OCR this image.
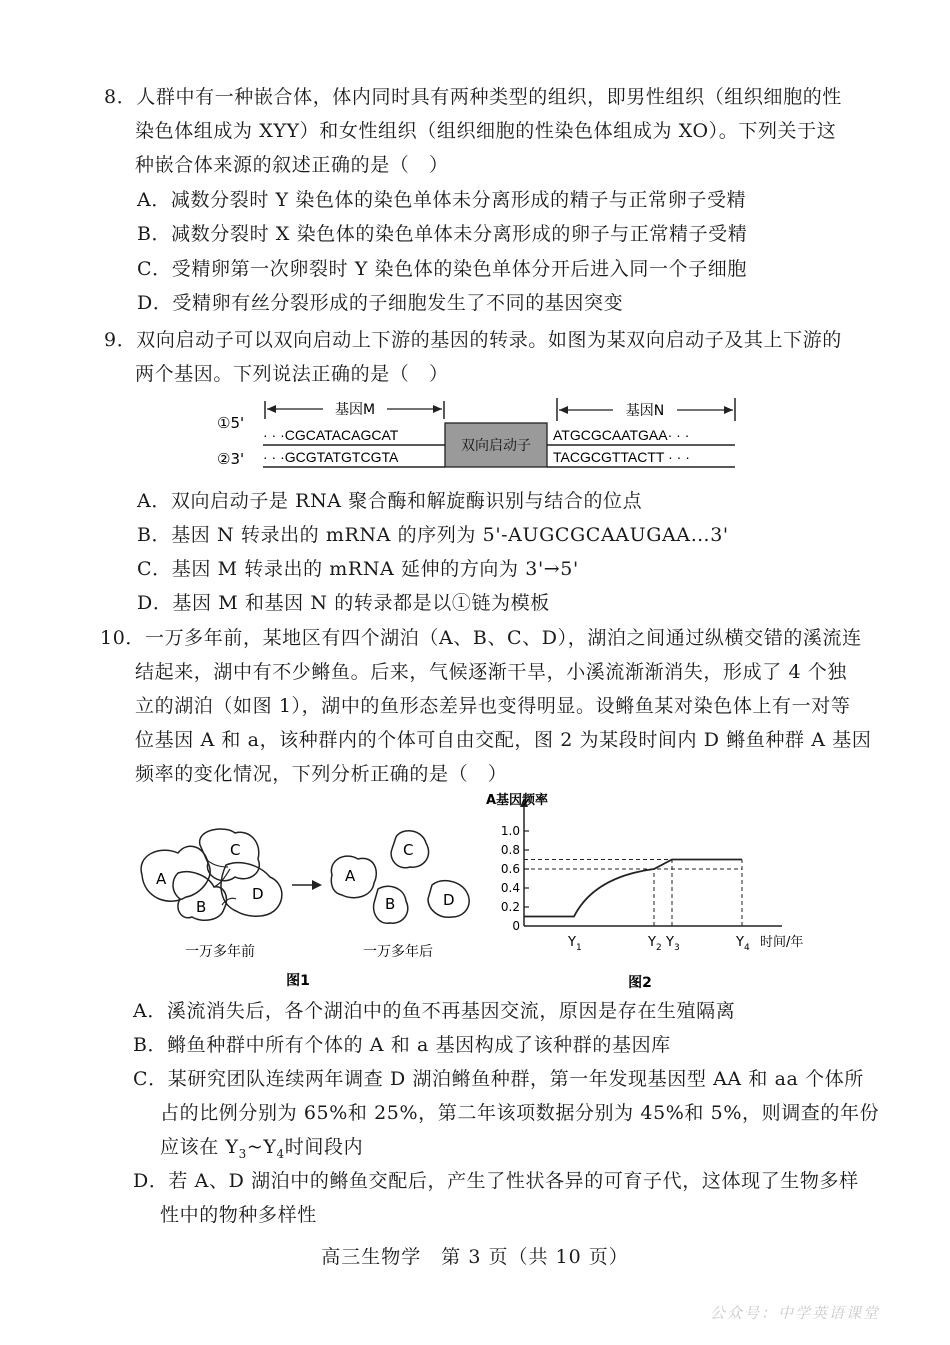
8．人群中有一种嵌合体，体内同时具有两种类型的组织，即男性组织（组织细胞的性
染色体组成为 XYY）和女性组织（组织细胞的性染色体组成为 XO）。下列关于这
种嵌合体来源的叙述正确的是（　）
A．减数分裂时 Y 染色体的染色单体未分离形成的精子与正常卵子受精
B．减数分裂时 X 染色体的染色单体未分离形成的卵子与正常精子受精
C．受精卵第一次卵裂时 Y 染色体的染色单体分开后进入同一个子细胞
D．受精卵有丝分裂形成的子细胞发生了不同的基因突变
9．双向启动子可以双向启动上下游的基因的转录。如图为某双向启动子及其上下游的
两个基因。下列说法正确的是（　）
①5'
②3'
基因M	基因N
双向启动子
· · ·CGCATACAGCAT
· · ·GCGTATGTCGTA
ATGCGCAATGAA· · ·
TACGCGTTACTT · · ·
A．双向启动子是 RNA 聚合酶和解旋酶识别与结合的位点
B．基因 N 转录出的 mRNA 的序列为 5'-AUGCGCAAUGAA…3'
C．基因 M 转录出的 mRNA 延伸的方向为 3'→5'
D．基因 M 和基因 N 的转录都是以①链为模板
10．一万多年前，某地区有四个湖泊（A、B、C、D），湖泊之间通过纵横交错的溪流连
结起来，湖中有不少鳉鱼。后来，气候逐渐干旱，小溪流渐渐消失，形成了 4 个独
立的湖泊（如图 1），湖中的鱼形态差异也变得明显。设鳉鱼某对染色体上有一对等
位基因 A 和 a，该种群内的个体可自由交配，图 2 为某段时间内 D 鳉鱼种群 A 基因
频率的变化情况，下列分析正确的是（　）
A
C
B
D
A
C
B	D
一万多年前	一万多年后
图1
A基因频率
0
0.2
0.4
0.6
0.8
1.0
$Y_1$	$Y_2$ $Y_3$	$Y_4$ 时间/年
图2
A．溪流消失后，各个湖泊中的鱼不再基因交流，原因是存在生殖隔离
B．鳉鱼种群中所有个体的 A 和 a 基因构成了该种群的基因库
C．某研究团队连续两年调查 D 湖泊鳉鱼种群，第一年发现基因型 AA 和 aa 个体所
占的比例分别为 65%和 25%，第二年该项数据分别为 45%和 5%，则调查的年份
应该在 $Y_3\sim Y_4$时间段内
D．若 A、D 湖泊中的鳉鱼交配后，产生了性状各异的可育子代，这体现了生物多样
性中的物种多样性
高三生物学　第 3 页（共 10 页）
公众号：中学英语课堂
